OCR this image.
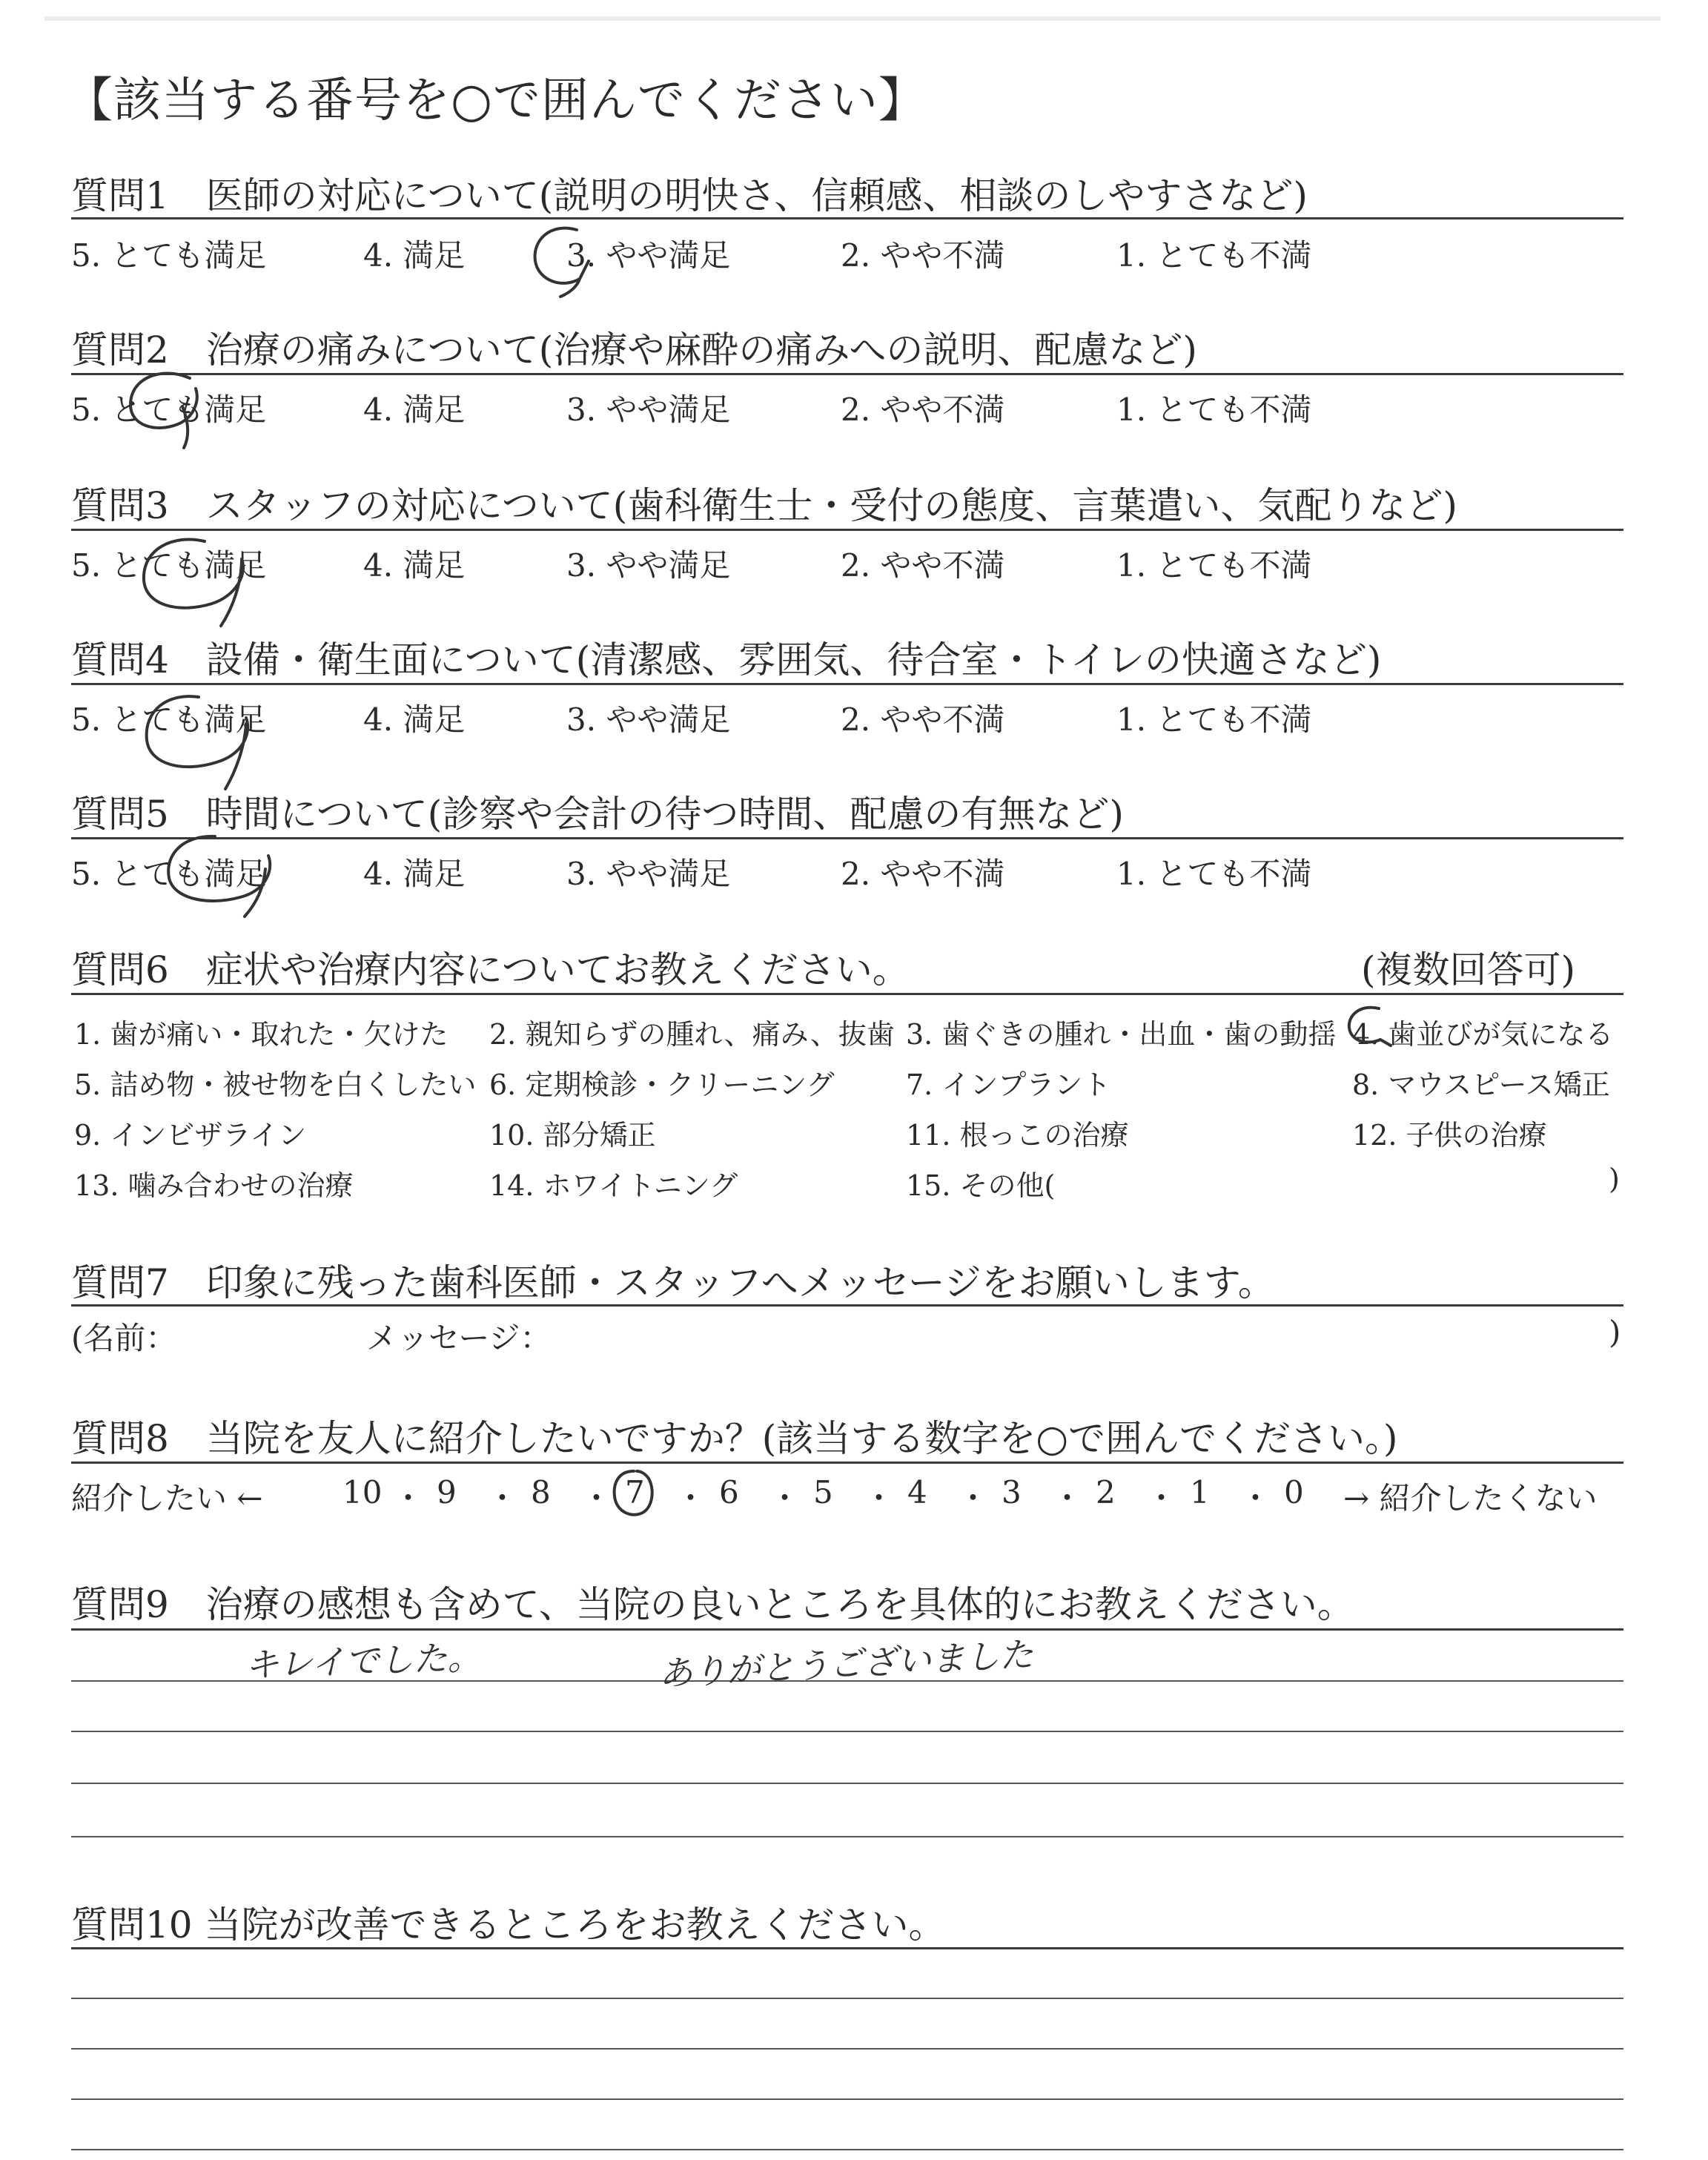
【該当する番号を○で囲んでください】
質問1　医師の対応について(説明の明快さ、信頼感、相談のしやすさなど)
5. とても満足	4. 満足	3. やや満足	2. やや不満	1. とても不満
質問2　治療の痛みについて(治療や麻酔の痛みへの説明、配慮など)
5. とても満足	4. 満足	3. やや満足	2. やや不満	1. とても不満
質問3　スタッフの対応について(歯科衛生士・受付の態度、言葉遣い、気配りなど)
5. とても満足	4. 満足	3. やや満足	2. やや不満	1. とても不満
質問4　設備・衛生面について(清潔感、雰囲気、待合室・トイレの快適さなど)
5. とても満足	4. 満足	3. やや満足	2. やや不満	1. とても不満
質問5　時間について(診察や会計の待つ時間、配慮の有無など)
5. とても満足	4. 満足	3. やや満足	2. やや不満	1. とても不満
質問6　症状や治療内容についてお教えください。	(複数回答可)
1. 歯が痛い・取れた・欠けた 2. 親知らずの腫れ、痛み、抜歯 3. 歯ぐきの腫れ・出血・歯の動揺 4. 歯並びが気になる
5. 詰め物・被せ物を白くしたい 6. 定期検診・クリーニング	7. インプラント	8. マウスピース矯正
9. インビザライン	10. 部分矯正	11. 根っこの治療	12. 子供の治療
13. 噛み合わせの治療	14. ホワイトニング	15. その他(	)
質問7　印象に残った歯科医師・スタッフへメッセージをお願いします。
(名前：	メッセージ：	)
質問8　当院を友人に紹介したいですか？(該当する数字を○で囲んでください。)
紹介したい ←	10 ・ 9 ・ 8 ・ 7 ・ 6 ・ 5 ・ 4 ・ 3 ・ 2 ・ 1 ・ 0 → 紹介したくない
質問9　治療の感想も含めて、当院の良いところを具体的にお教えください。
キレイでした。	ありがとうございました
質問10 当院が改善できるところをお教えください。
